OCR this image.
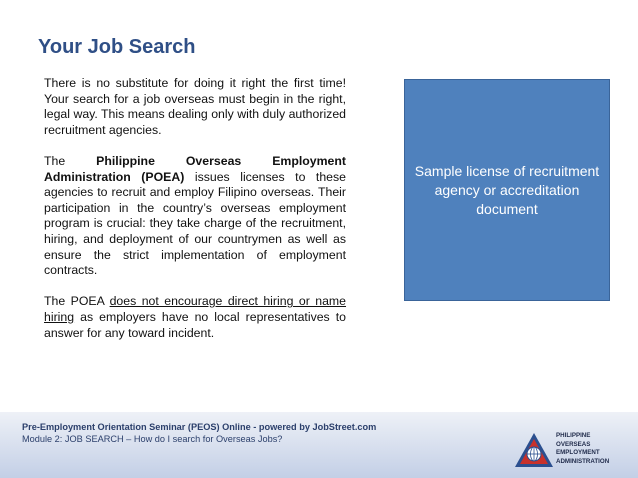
Your Job Search

There is no substitute for doing it right the first time! Your search for a job overseas must begin in the right, legal way. This means dealing only with duly authorized recruitment agencies.

The Philippine Overseas Employment Administration (POEA) issues licenses to these agencies to recruit and employ Filipino overseas. Their participation in the country’s overseas employment program is crucial: they take charge of the recruitment, hiring, and deployment of our countrymen as well as ensure the strict implementation of employment contracts.

The POEA does not encourage direct hiring or name hiring as employers have no local representatives to answer for any toward incident.

Sample license of recruitment agency or accreditation document
Pre-Employment Orientation Seminar (PEOS) Online - powered by JobStreet.com
Module 2: JOB SEARCH – How do I search for Overseas Jobs?	PHILIPPINE
OVERSEAS
EMPLOYMENT
ADMINISTRATION
